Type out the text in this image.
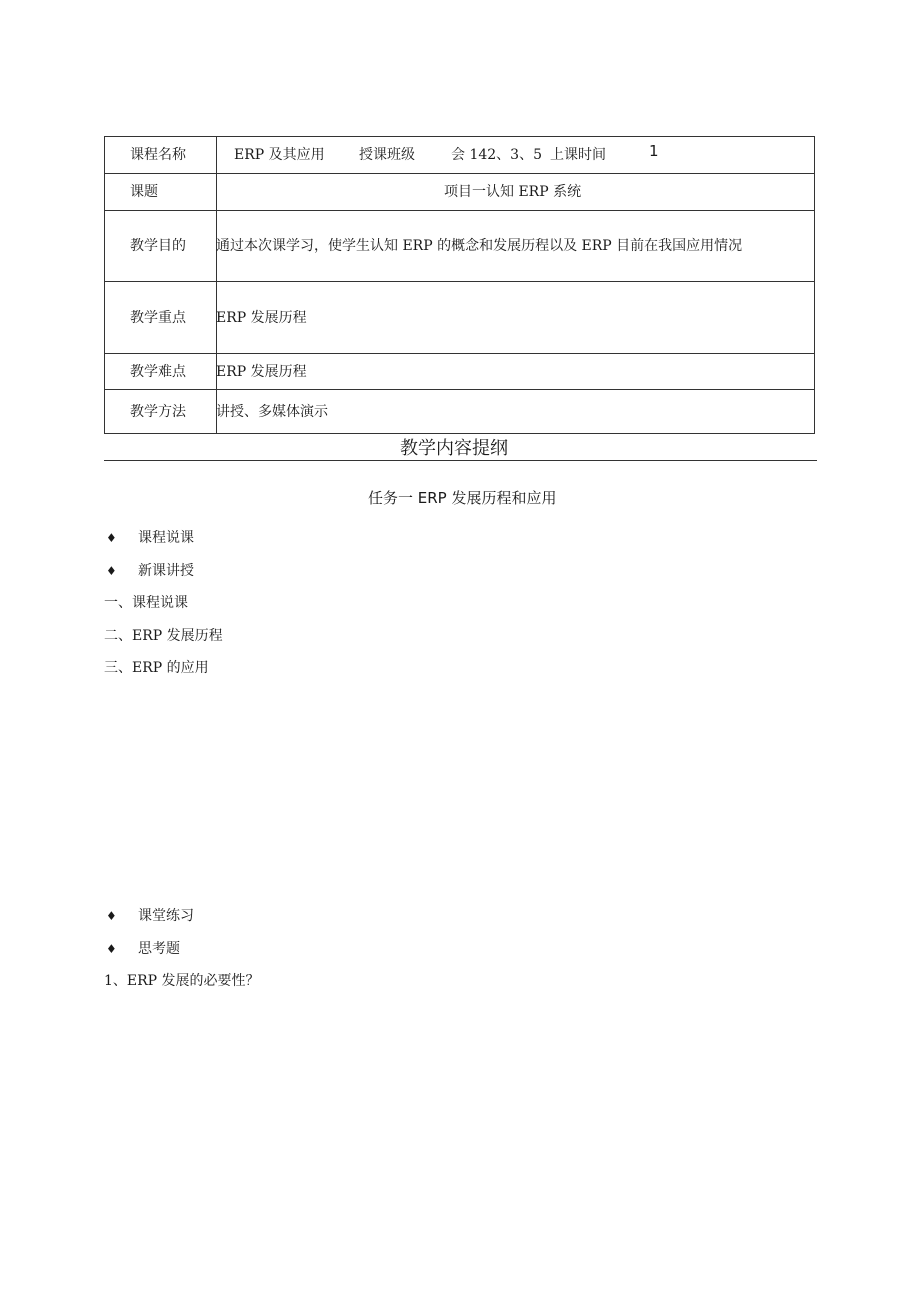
课程名称	ERP 及其应用 授课班级	会 142、3、5 上课时间	1
课题	项目一认知 ERP 系统
教学目的 通过本次课学习，使学生认知 ERP 的概念和发展历程以及 ERP 目前在我国应用情况
教学重点 ERP 发展历程
教学难点 ERP 发展历程
教学方法 讲授、多媒体演示
教学内容提纲
任务一 ERP 发展历程和应用
♦ 课程说课
♦ 新课讲授
一、课程说课
二、ERP 发展历程
三、ERP 的应用
♦ 课堂练习
♦ 思考题
1、ERP 发展的必要性？
